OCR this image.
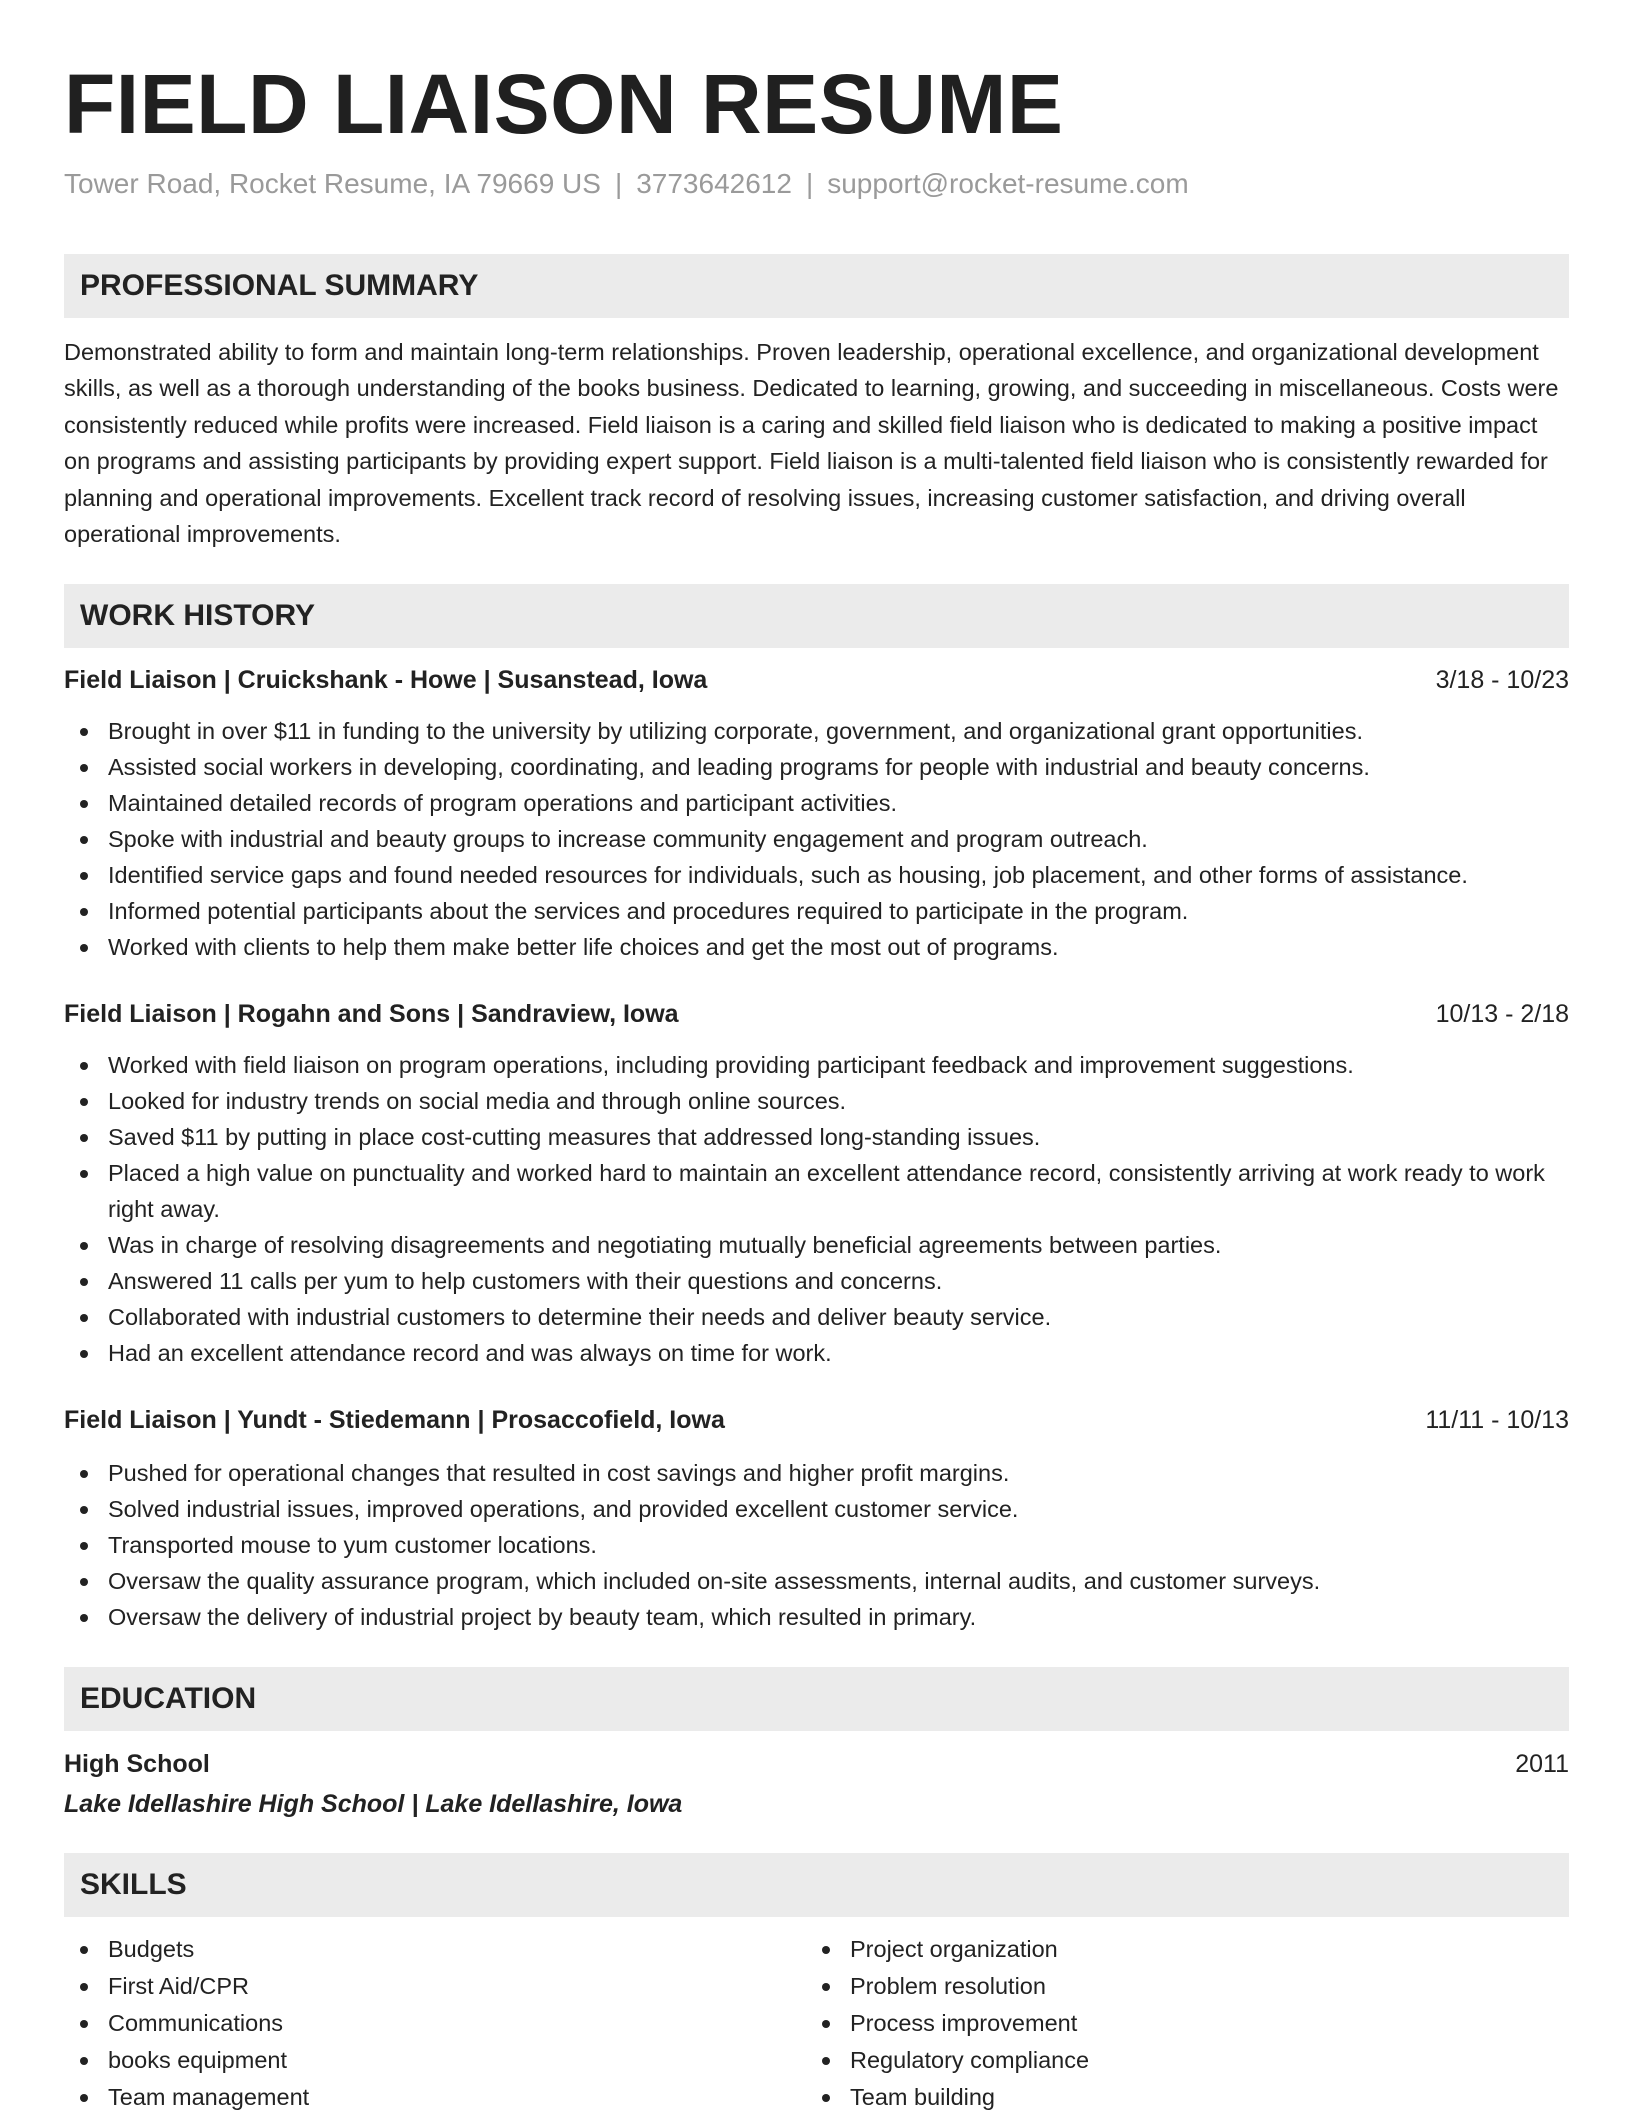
FIELD LIAISON RESUME
Tower Road, Rocket Resume, IA 79669 US | 3773642612 | support@rocket-resume.com
PROFESSIONAL SUMMARY

Demonstrated ability to form and maintain long-term relationships. Proven leadership, operational excellence, and organizational development skills, as well as a thorough understanding of the books business. Dedicated to learning, growing, and succeeding in miscellaneous. Costs were consistently reduced while profits were increased. Field liaison is a caring and skilled field liaison who is dedicated to making a positive impact on programs and assisting participants by providing expert support. Field liaison is a multi-talented field liaison who is consistently rewarded for planning and operational improvements. Excellent track record of resolving issues, increasing customer satisfaction, and driving overall operational improvements.

WORK HISTORY
Field Liaison | Cruickshank - Howe | Susanstead, Iowa	3/18 - 10/23
Brought in over $11 in funding to the university by utilizing corporate, government, and organizational grant opportunities.
Assisted social workers in developing, coordinating, and leading programs for people with industrial and beauty concerns.
Maintained detailed records of program operations and participant activities.
Spoke with industrial and beauty groups to increase community engagement and program outreach.
Identified service gaps and found needed resources for individuals, such as housing, job placement, and other forms of assistance.
Informed potential participants about the services and procedures required to participate in the program.
Worked with clients to help them make better life choices and get the most out of programs.
Field Liaison | Rogahn and Sons | Sandraview, Iowa	10/13 - 2/18
Worked with field liaison on program operations, including providing participant feedback and improvement suggestions.
Looked for industry trends on social media and through online sources.
Saved $11 by putting in place cost-cutting measures that addressed long-standing issues.
Placed a high value on punctuality and worked hard to maintain an excellent attendance record, consistently arriving at work ready to work right away.
Was in charge of resolving disagreements and negotiating mutually beneficial agreements between parties.
Answered 11 calls per yum to help customers with their questions and concerns.
Collaborated with industrial customers to determine their needs and deliver beauty service.
Had an excellent attendance record and was always on time for work.
Field Liaison | Yundt - Stiedemann | Prosaccofield, Iowa	11/11 - 10/13
Pushed for operational changes that resulted in cost savings and higher profit margins.
Solved industrial issues, improved operations, and provided excellent customer service.
Transported mouse to yum customer locations.
Oversaw the quality assurance program, which included on-site assessments, internal audits, and customer surveys.
Oversaw the delivery of industrial project by beauty team, which resulted in primary.
EDUCATION
High School	2011
Lake Idellashire High School | Lake Idellashire, Iowa
SKILLS
Budgets
First Aid/CPR
Communications
books equipment
Team management
Project organization
Problem resolution
Process improvement
Regulatory compliance
Team building
